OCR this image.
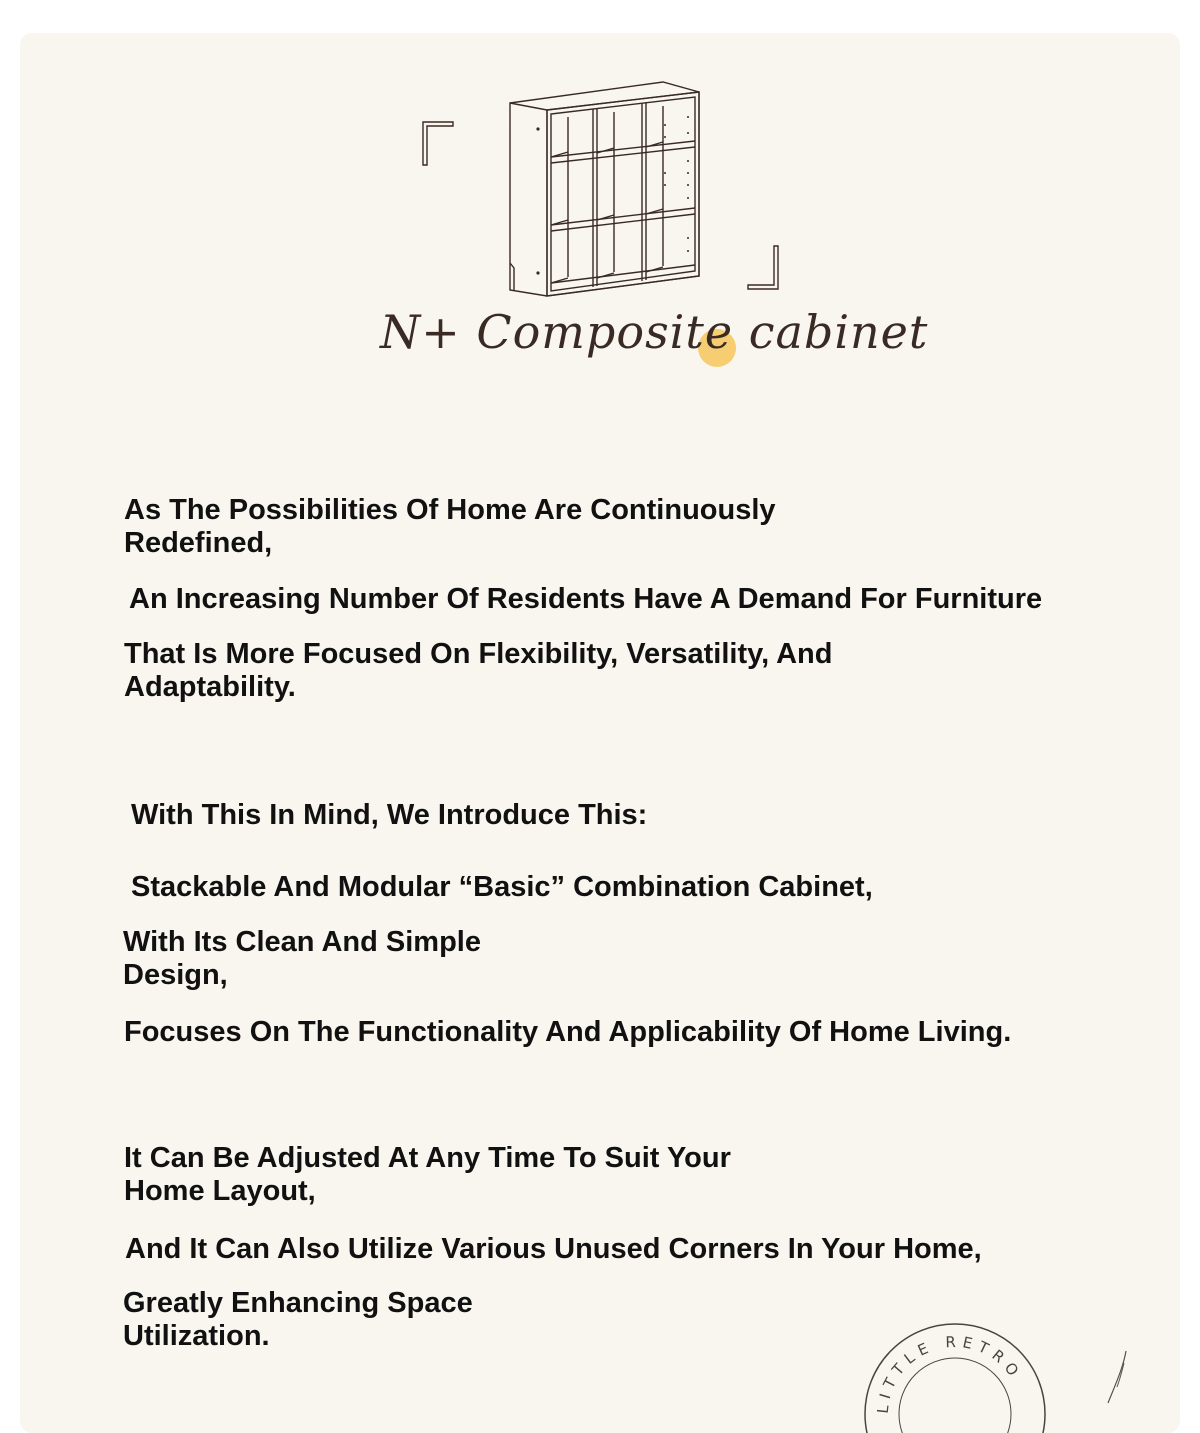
N+ Composite cabinet

As The Possibilities Of Home Are Continuously
Redefined,

An Increasing Number Of Residents Have A Demand For Furniture

That Is More Focused On Flexibility, Versatility, And
Adaptability.

With This In Mind, We Introduce This:

Stackable And Modular “Basic” Combination Cabinet,

With Its Clean And Simple
Design,

Focuses On The Functionality And Applicability Of Home Living.

It Can Be Adjusted At Any Time To Suit Your
Home Layout,

And It Can Also Utilize Various Unused Corners In Your Home,

Greatly Enhancing Space
Utilization.

LITTLE RETRO
